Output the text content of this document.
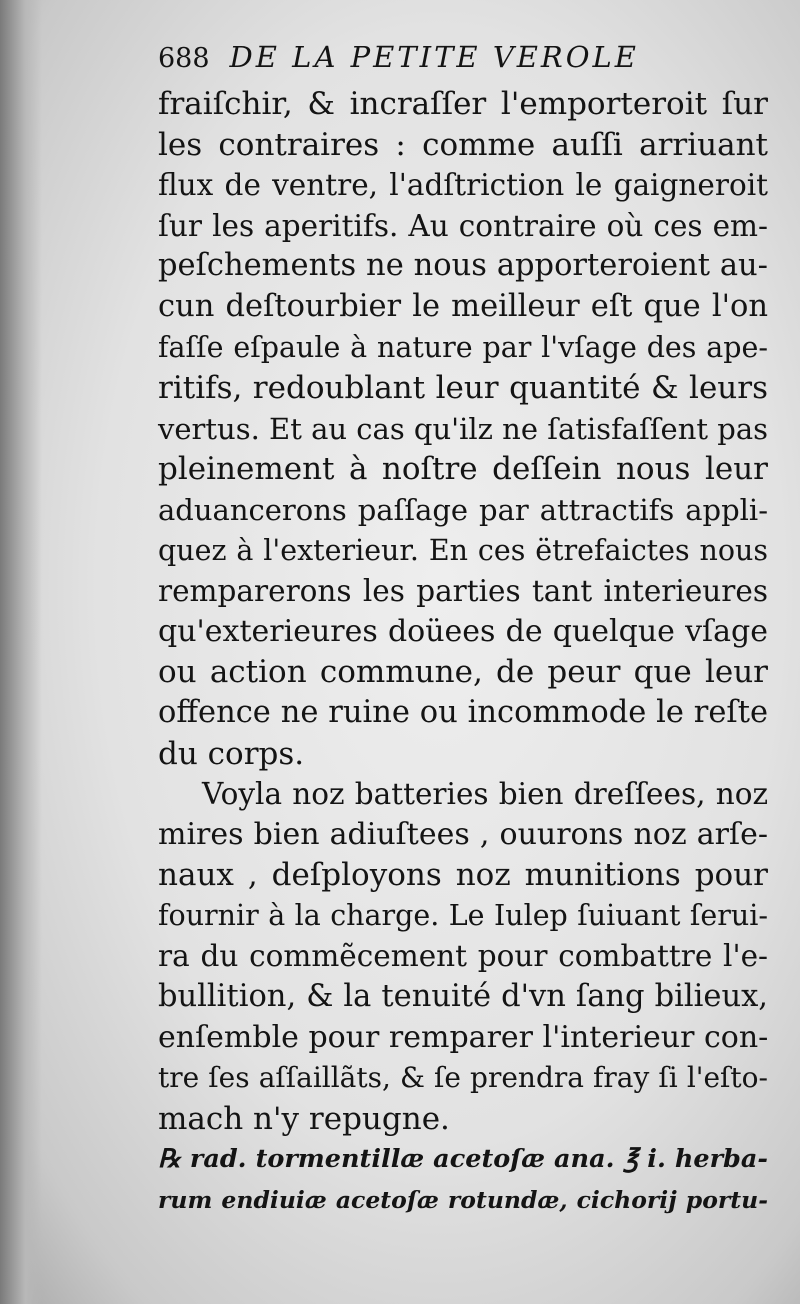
688 DE LA PETITE VEROLE
fraiſchir, & incraſſer l'emporteroit ſur
les contraires : comme auſſi arriuant
flux de ventre, l'adſtriction le gaigneroit
ſur les aperitifs. Au contraire où ces em-
peſchements ne nous apporteroient au-
cun deſtourbier le meilleur eſt que l'on
faſſe eſpaule à nature par l'vſage des ape-
ritifs, redoublant leur quantité & leurs
vertus. Et au cas qu'ilz ne ſatisfaſſent pas
pleinement à noſtre deſſein nous leur
aduancerons paſſage par attractifs appli-
quez à l'exterieur. En ces ëtrefaictes nous
remparerons les parties tant interieures
qu'exterieures doüees de quelque vſage
ou action commune, de peur que leur
offence ne ruine ou incommode le reſte
du corps.
Voyla noz batteries bien dreſſees, noz
mires bien adiuſtees , ouurons noz arſe-
naux , deſployons noz munitions pour
fournir à la charge. Le Iulep ſuiuant ſerui-
ra du commẽcement pour combattre l'e-
bullition, & la tenuité d'vn ſang bilieux,
enſemble pour remparer l'interieur con-
tre ſes aſſaillãts, & ſe prendra fray ſi l'eſto-
mach n'y repugne.
℞ rad. tormentillæ acetoſæ ana. ℥ i. herba-
rum endiuiæ acetoſæ rotundæ, cichorij portu-
